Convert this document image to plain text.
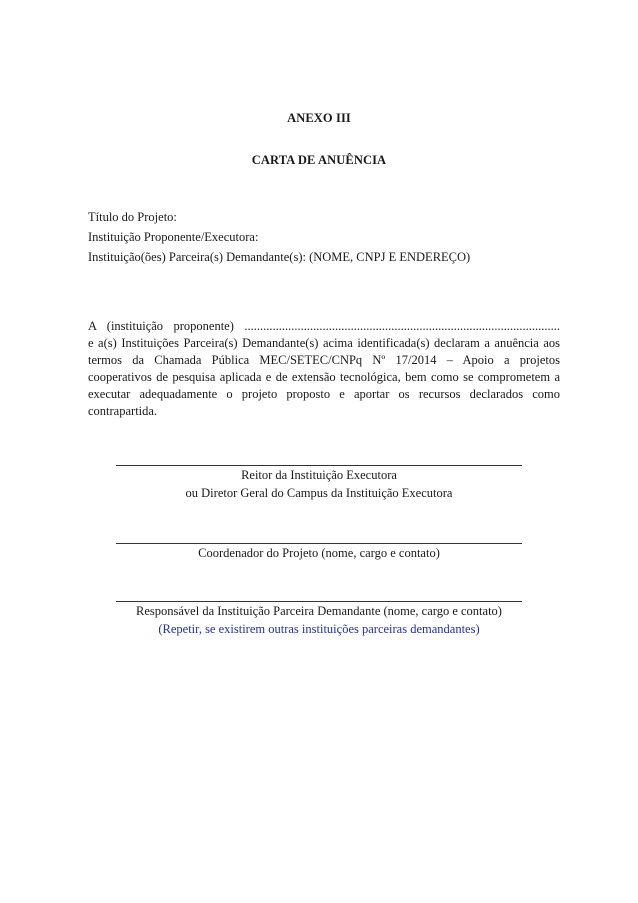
ANEXO III
CARTA DE ANUÊNCIA
Título do Projeto:
Instituição Proponente/Executora:
Instituição(ões) Parceira(s) Demandante(s): (NOME, CNPJ E ENDEREÇO)
A (instituição proponente) .....................................................................................................
e a(s) Instituições Parceira(s) Demandante(s) acima identificada(s) declaram a anuência aos
termos da Chamada Pública MEC/SETEC/CNPq Nº 17/2014 – Apoio a projetos
cooperativos de pesquisa aplicada e de extensão tecnológica, bem como se comprometem a
executar adequadamente o projeto proposto e aportar os recursos declarados como
contrapartida.
Reitor da Instituição Executora
ou Diretor Geral do Campus da Instituição Executora
Coordenador do Projeto (nome, cargo e contato)
Responsável da Instituição Parceira Demandante (nome, cargo e contato)
(Repetir, se existirem outras instituições parceiras demandantes)
